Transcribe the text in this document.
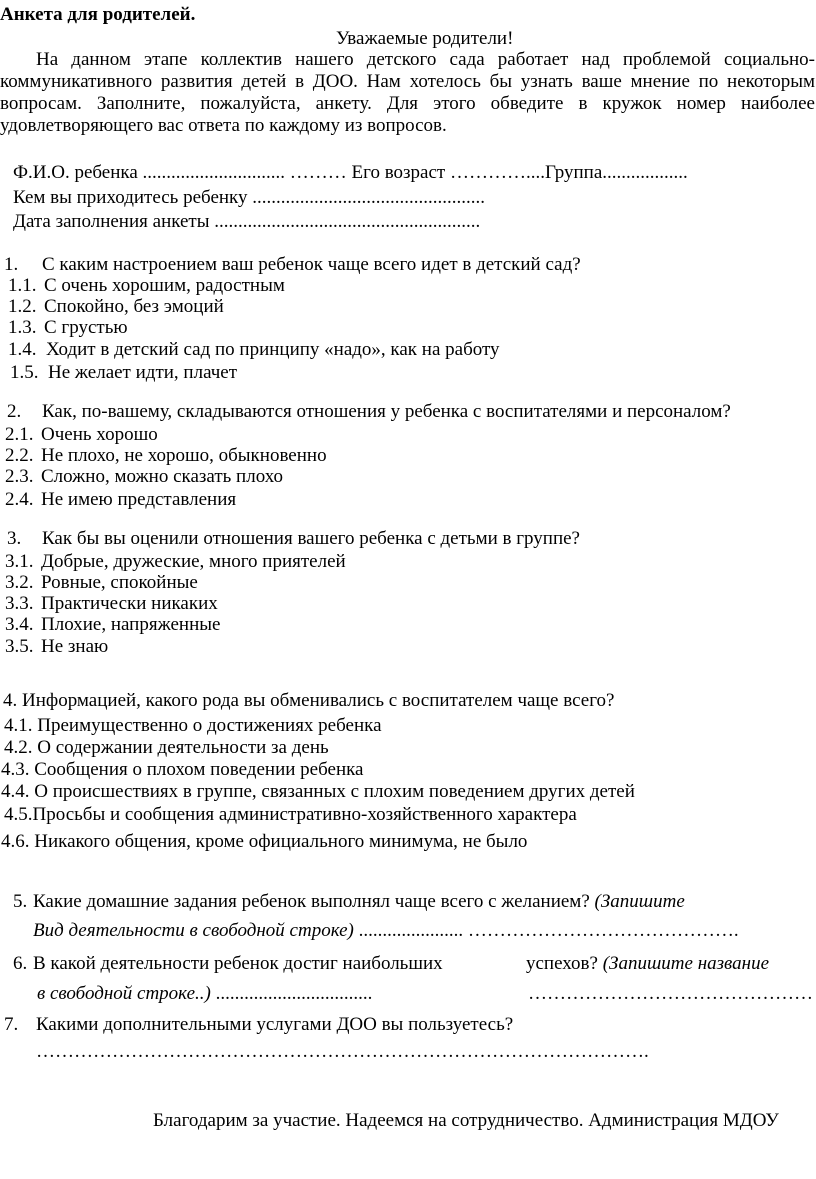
Анкета для родителей.
Уважаемые родители!

На данном этапе коллектив нашего детского сада работает над проблемой социально-коммуникативного развития детей в ДОО. Нам хотелось бы узнать ваше мнение по некоторым вопросам. Заполните, пожалуйста, анкету. Для этого обведите в кружок номер наиболее удовлетворяющего вас ответа по каждому из вопросов.

Ф.И.О. ребенка .............................. ……… Его возраст …………....Группа..................
Кем вы приходитесь ребенку .................................................
Дата заполнения анкеты ........................................................
1. С каким настроением ваш ребенок чаще всего идет в детский сад?
1.1. С очень хорошим, радостным
1.2. Спокойно, без эмоций
1.3. С грустью
1.4. Ходит в детский сад по принципу «надо», как на работу
1.5. Не желает идти, плачет
2. Как, по-вашему, складываются отношения у ребенка с воспитателями и персоналом?
2.1. Очень хорошо
2.2. Не плохо, не хорошо, обыкновенно
2.3. Сложно, можно сказать плохо
2.4. Не имею представления
3. Как бы вы оценили отношения вашего ребенка с детьми в группе?
3.1. Добрые, дружеские, много приятелей
3.2. Ровные, спокойные
3.3. Практически никаких
3.4. Плохие, напряженные
3.5. Не знаю
4. Информацией, какого рода вы обменивались с воспитателем чаще всего?
4.1. Преимущественно о достижениях ребенка
4.2. О содержании деятельности за день
4.3. Сообщения о плохом поведении ребенка
4.4. О происшествиях в группе, связанных с плохим поведением других детей
4.5.Просьбы и сообщения административно-хозяйственного характера
4.6. Никакого общения, кроме официального минимума, не было
5. Какие домашние задания ребенок выполнял чаще всего с желанием? (Запишите
Вид деятельности в свободной строке) ...................... …………………………………….
6. В какой деятельности ребенок достиг наибольших	успехов? (Запишите название
в свободной строке..) .................................	………………………………………
7. Какими дополнительными услугами ДОО вы пользуетесь?
…………………………………………………………………………………….
Благодарим за участие. Надеемся на сотрудничество. Администрация МДОУ
